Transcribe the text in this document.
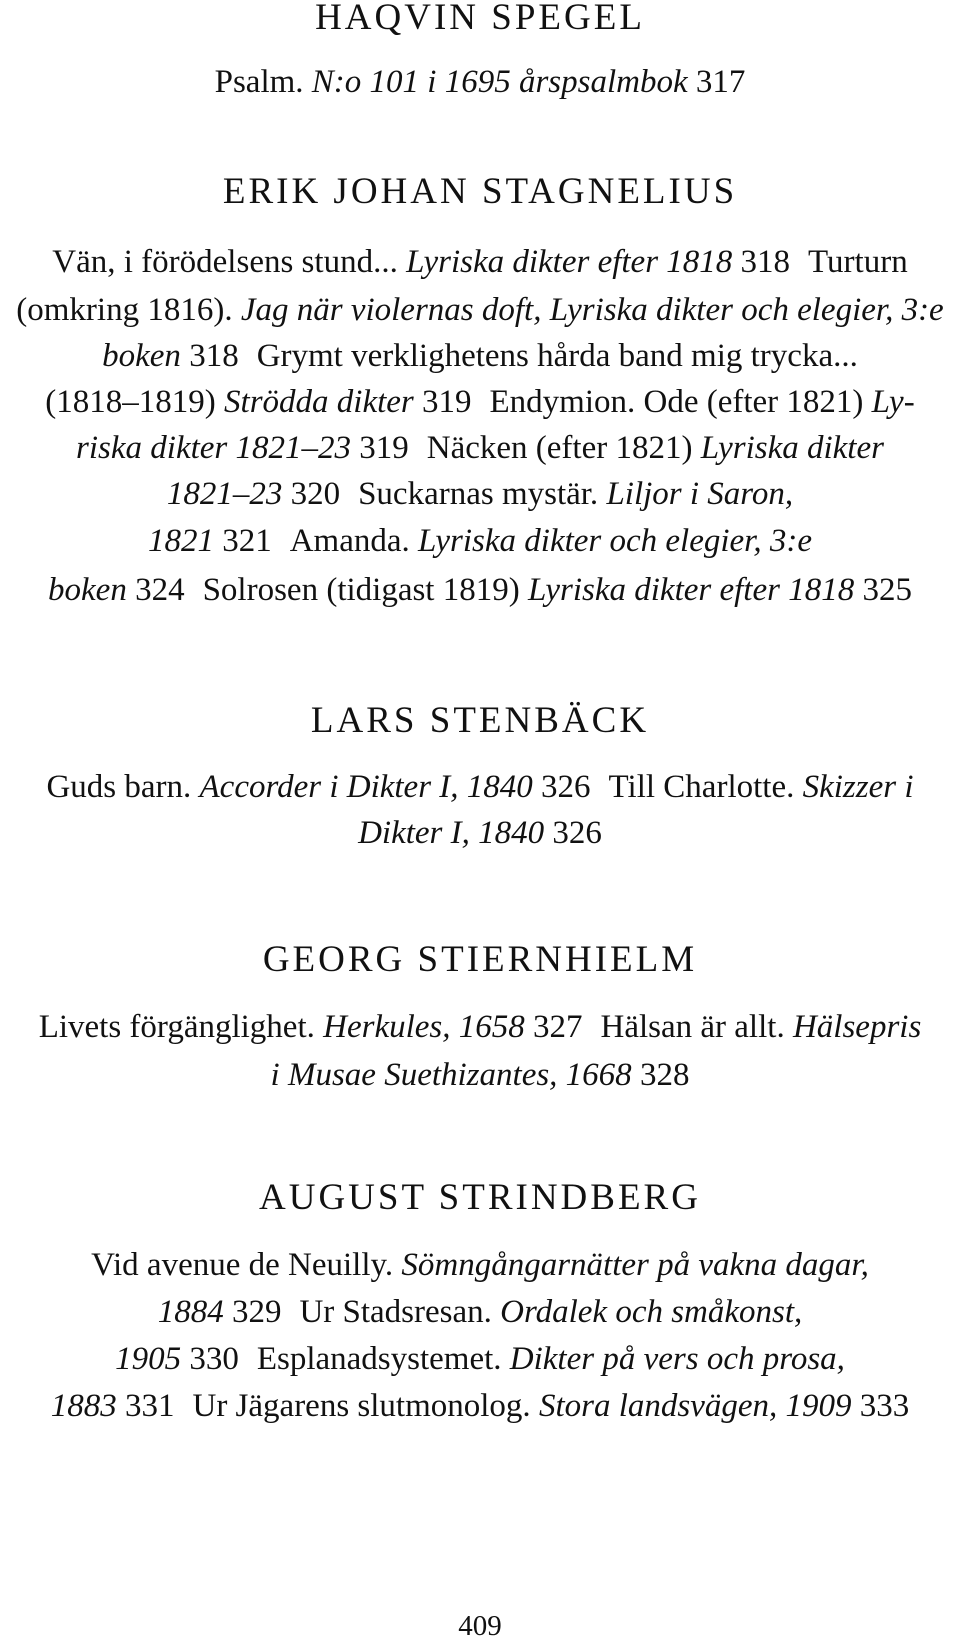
HAQVIN SPEGEL
Psalm. N:o 101 i 1695 årspsalmbok 317
ERIK JOHAN STAGNELIUS
Vän, i förödelsens stund... Lyriska dikter efter 1818 318 Turturn
(omkring 1816). Jag när violernas doft, Lyriska dikter och elegier, 3:e
boken 318 Grymt verklighetens hårda band mig trycka...
(1818–1819) Strödda dikter 319 Endymion. Ode (efter 1821) Ly-
riska dikter 1821–23 319 Näcken (efter 1821) Lyriska dikter
1821–23 320 Suckarnas mystär. Liljor i Saron,
1821 321 Amanda. Lyriska dikter och elegier, 3:e
boken 324 Solrosen (tidigast 1819) Lyriska dikter efter 1818 325
LARS STENBÄCK
Guds barn. Accorder i Dikter I, 1840 326 Till Charlotte. Skizzer i
Dikter I, 1840 326
GEORG STIERNHIELM
Livets förgänglighet. Herkules, 1658 327 Hälsan är allt. Hälsepris
i Musae Suethizantes, 1668 328
AUGUST STRINDBERG
Vid avenue de Neuilly. Sömngångarnätter på vakna dagar,
1884 329 Ur Stadsresan. Ordalek och småkonst,
1905 330 Esplanadsystemet. Dikter på vers och prosa,
1883 331 Ur Jägarens slutmonolog. Stora landsvägen, 1909 333
409
